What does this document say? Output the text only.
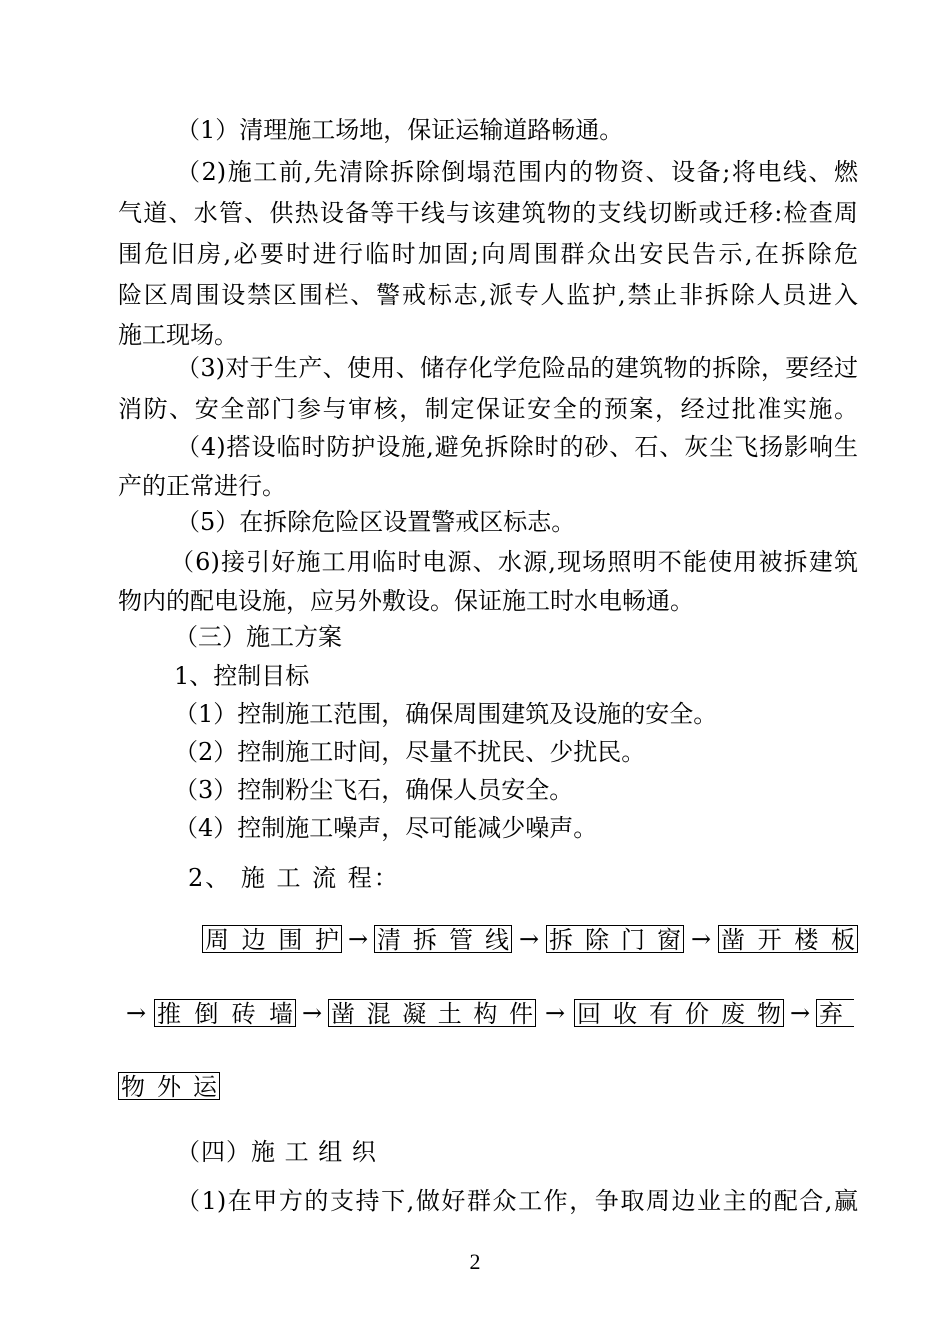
（1）清理施工场地，保证运输道路畅通。
（2)施工前,先清除拆除倒塌范围内的物资、设备;将电线、燃
气道、水管、供热设备等干线与该建筑物的支线切断或迁移:检查周
围危旧房,必要时进行临时加固;向周围群众出安民告示,在拆除危
险区周围设禁区围栏、警戒标志,派专人监护,禁止非拆除人员进入
施工现场。
（3)对于生产、使用、储存化学危险品的建筑物的拆除，要经过
消防、安全部门参与审核，制定保证安全的预案，经过批准实施。
（4)搭设临时防护设施,避免拆除时的砂、石、灰尘飞扬影响生
产的正常进行。
（5）在拆除危险区设置警戒区标志。
（6)接引好施工用临时电源、水源,现场照明不能使用被拆建筑
物内的配电设施，应另外敷设。保证施工时水电畅通。
（三）施工方案
1、控制目标
（1）控制施工范围，确保周围建筑及设施的安全。
（2）控制施工时间，尽量不扰民、少扰民。
（3）控制粉尘飞石，确保人员安全。
（4）控制施工噪声，尽可能减少噪声。
2、 施 工 流 程：
周边围护 → 清拆管线 → 拆除门窗 → 凿开楼板
→ 推倒砖墙 → 凿混凝土构件 → 回收有价废物 → 弃
物外运
（四）施 工 组 织
（1)在甲方的支持下,做好群众工作，争取周边业主的配合,赢
2
